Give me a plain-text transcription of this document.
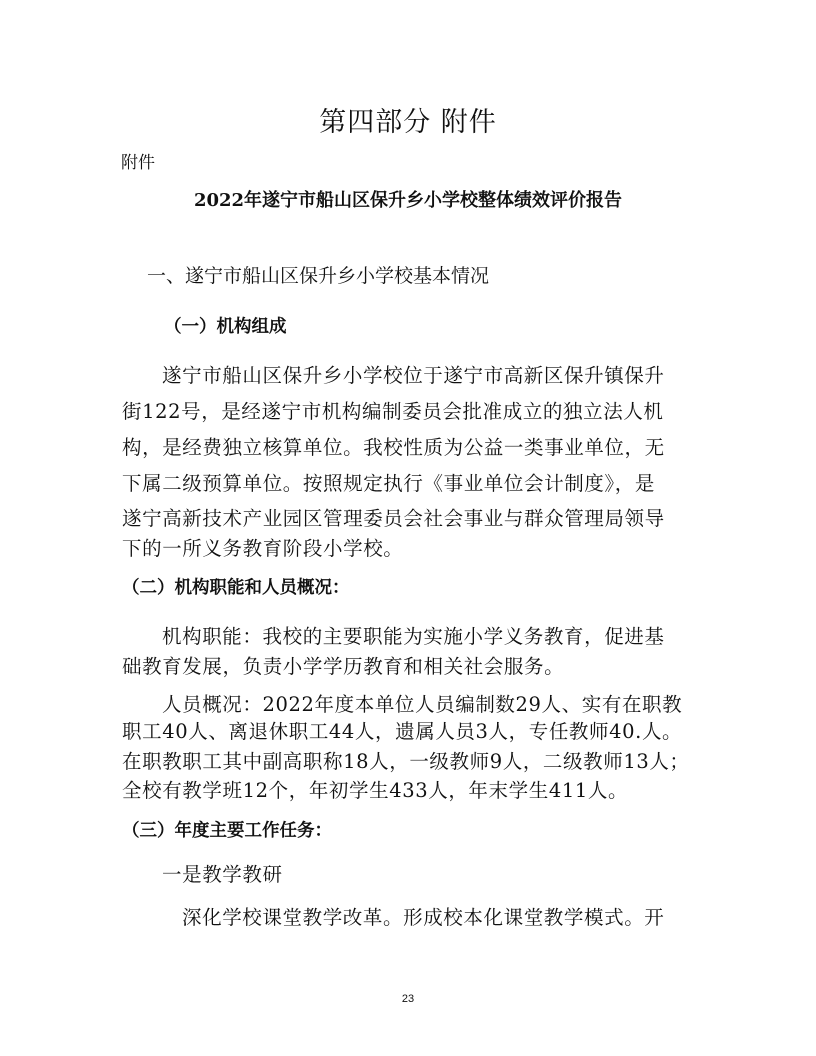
第四部分 附件

附件

2022年遂宁市船山区保升乡小学校整体绩效评价报告

一、遂宁市船山区保升乡小学校基本情况

（一）机构组成

遂宁市船山区保升乡小学校位于遂宁市高新区保升镇保升

街122号，是经遂宁市机构编制委员会批准成立的独立法人机

构，是经费独立核算单位。我校性质为公益一类事业单位，无

下属二级预算单位。按照规定执行《事业单位会计制度》，是

遂宁高新技术产业园区管理委员会社会事业与群众管理局领导

下的一所义务教育阶段小学校。

（二）机构职能和人员概况：

机构职能：我校的主要职能为实施小学义务教育，促进基

础教育发展，负责小学学历教育和相关社会服务。

人员概况：2022年度本单位人员编制数29人、实有在职教

职工40人、离退休职工44人，遗属人员3人，专任教师40.人。

在职教职工其中副高职称18人，一级教师9人，二级教师13人；

全校有教学班12个，年初学生433人，年末学生411人。

（三）年度主要工作任务：

一是教学教研

深化学校课堂教学改革。形成校本化课堂教学模式。开

23
